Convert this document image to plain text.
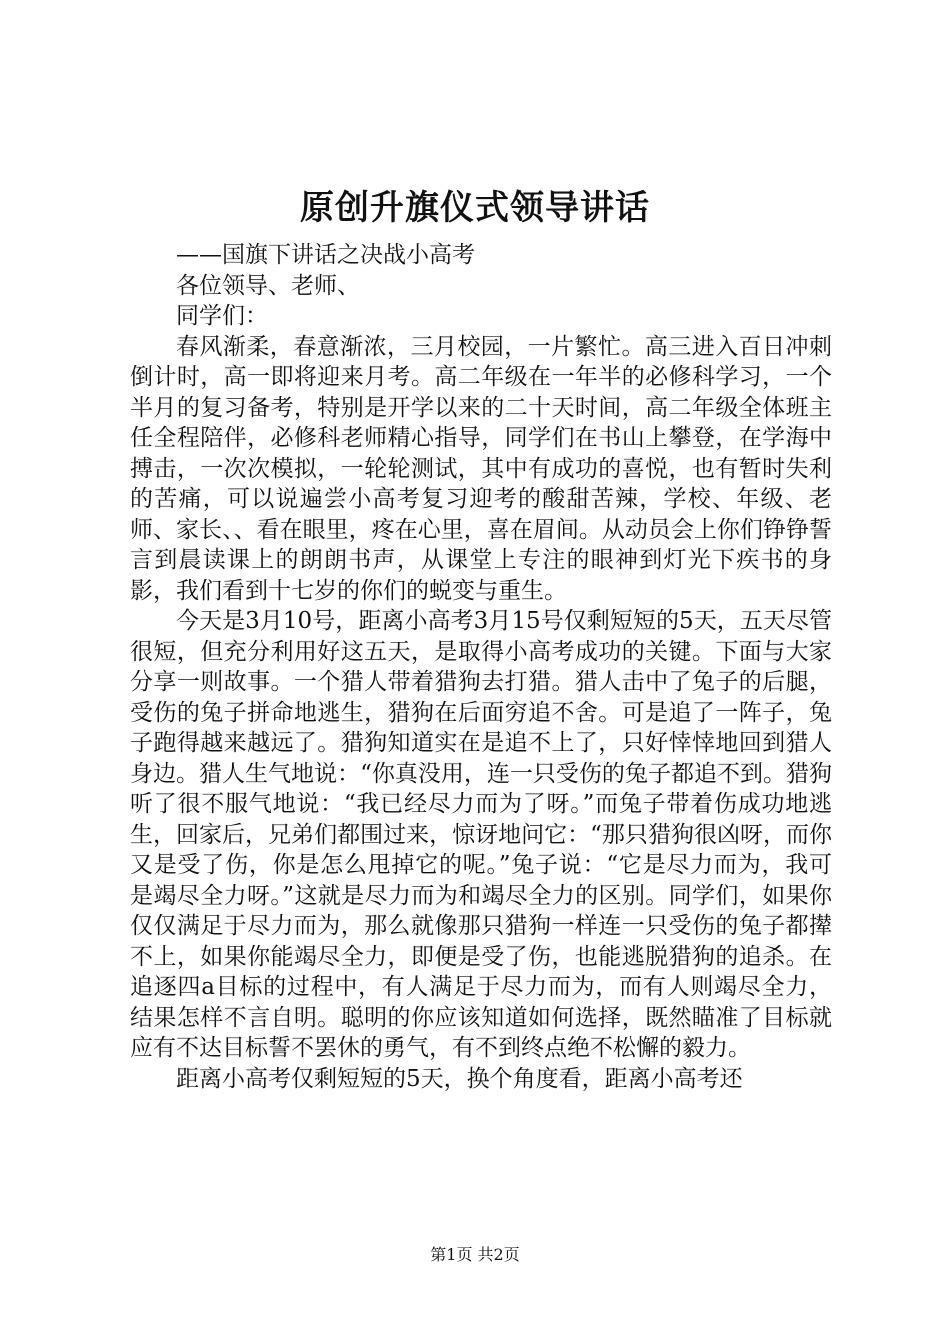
原创升旗仪式领导讲话

——国旗下讲话之决战小高考

各位领导、老师、

同学们：

春风渐柔，春意渐浓，三月校园，一片繁忙。高三进入百日冲刺倒计时，高一即将迎来月考。高二年级在一年半的必修科学习，一个半月的复习备考，特别是开学以来的二十天时间，高二年级全体班主任全程陪伴，必修科老师精心指导，同学们在书山上攀登，在学海中搏击，一次次模拟，一轮轮测试，其中有成功的喜悦，也有暂时失利的苦痛，可以说遍尝小高考复习迎考的酸甜苦辣，学校、年级、老师、家长、、看在眼里，疼在心里，喜在眉间。从动员会上你们铮铮誓言到晨读课上的朗朗书声，从课堂上专注的眼神到灯光下疾书的身影，我们看到十七岁的你们的蜕变与重生。

今天是3月10号，距离小高考3月15号仅剩短短的5天，五天尽管很短，但充分利用好这五天，是取得小高考成功的关键。下面与大家分享一则故事。一个猎人带着猎狗去打猎。猎人击中了兔子的后腿，受伤的兔子拼命地逃生，猎狗在后面穷追不舍。可是追了一阵子，兔子跑得越来越远了。猎狗知道实在是追不上了，只好悻悻地回到猎人身边。猎人生气地说：“你真没用，连一只受伤的兔子都追不到。猎狗听了很不服气地说：“我已经尽力而为了呀。”而兔子带着伤成功地逃生，回家后，兄弟们都围过来，惊讶地问它：“那只猎狗很凶呀，而你又是受了伤，你是怎么甩掉它的呢。”兔子说：“它是尽力而为，我可是竭尽全力呀。”这就是尽力而为和竭尽全力的区别。同学们，如果你仅仅满足于尽力而为，那么就像那只猎狗一样连一只受伤的兔子都撵不上，如果你能竭尽全力，即便是受了伤，也能逃脱猎狗的追杀。在追逐四a目标的过程中，有人满足于尽力而为，而有人则竭尽全力，结果怎样不言自明。聪明的你应该知道如何选择，既然瞄准了目标就应有不达目标誓不罢休的勇气，有不到终点绝不松懈的毅力。

距离小高考仅剩短短的5天，换个角度看，距离小高考还

第1页 共2页
